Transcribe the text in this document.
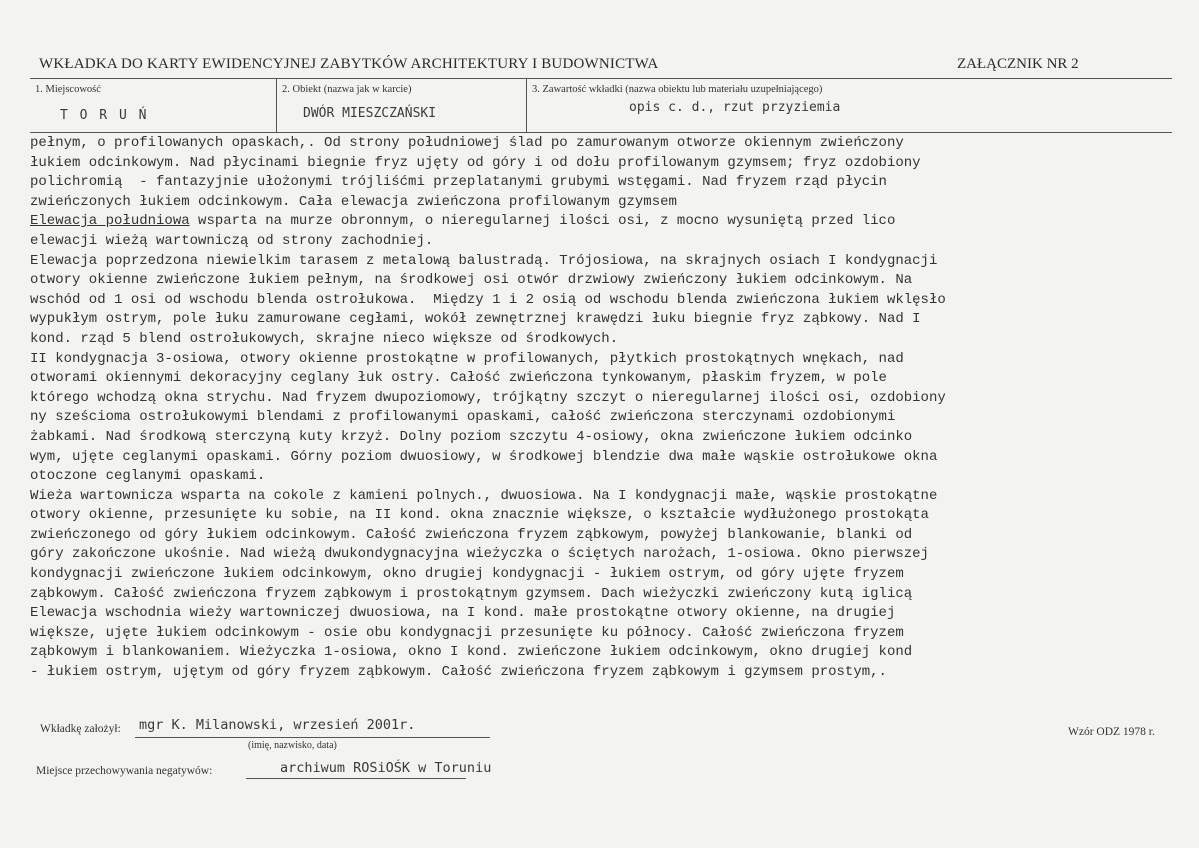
WKŁADKA DO KARTY EWIDENCYJNEJ ZABYTKÓW ARCHITEKTURY I BUDOWNICTWA	ZAŁĄCZNIK NR 2
1. Miejscowość
T O R U Ń
2. Obiekt (nazwa jak w karcie)
DWÓR MIESZCZAŃSKI
3. Zawartość wkładki (nazwa obiektu lub materiału uzupełniającego)
opis c. d., rzut przyziemia
pełnym, o profilowanych opaskach,. Od strony południowej ślad po zamurowanym otworze okiennym zwieńczony
łukiem odcinkowym. Nad płycinami biegnie fryz ujęty od góry i od dołu profilowanym gzymsem; fryz ozdobiony
polichromią  - fantazyjnie ułożonymi trójliśćmi przeplatanymi grubymi wstęgami. Nad fryzem rząd płycin
zwieńczonych łukiem odcinkowym. Cała elewacja zwieńczona profilowanym gzymsem
Elewacja południowa wsparta na murze obronnym, o nieregularnej ilości osi, z mocno wysuniętą przed lico
elewacji wieżą wartowniczą od strony zachodniej.
Elewacja poprzedzona niewielkim tarasem z metalową balustradą. Trójosiowa, na skrajnych osiach I kondygnacji
otwory okienne zwieńczone łukiem pełnym, na środkowej osi otwór drzwiowy zwieńczony łukiem odcinkowym. Na
wschód od 1 osi od wschodu blenda ostrołukowa.  Między 1 i 2 osią od wschodu blenda zwieńczona łukiem wklęsło
wypukłym ostrym, pole łuku zamurowane cegłami, wokół zewnętrznej krawędzi łuku biegnie fryz ząbkowy. Nad I
kond. rząd 5 blend ostrołukowych, skrajne nieco większe od środkowych.
II kondygnacja 3-osiowa, otwory okienne prostokątne w profilowanych, płytkich prostokątnych wnękach, nad
otworami okiennymi dekoracyjny ceglany łuk ostry. Całość zwieńczona tynkowanym, płaskim fryzem, w pole
którego wchodzą okna strychu. Nad fryzem dwupoziomowy, trójkątny szczyt o nieregularnej ilości osi, ozdobiony
ny sześcioma ostrołukowymi blendami z profilowanymi opaskami, całość zwieńczona sterczynami ozdobionymi
żabkami. Nad środkową sterczyną kuty krzyż. Dolny poziom szczytu 4-osiowy, okna zwieńczone łukiem odcinko
wym, ujęte ceglanymi opaskami. Górny poziom dwuosiowy, w środkowej blendzie dwa małe wąskie ostrołukowe okna
otoczone ceglanymi opaskami.
Wieża wartownicza wsparta na cokole z kamieni polnych., dwuosiowa. Na I kondygnacji małe, wąskie prostokątne
otwory okienne, przesunięte ku sobie, na II kond. okna znacznie większe, o kształcie wydłużonego prostokąta
zwieńczonego od góry łukiem odcinkowym. Całość zwieńczona fryzem ząbkowym, powyżej blankowanie, blanki od
góry zakończone ukośnie. Nad wieżą dwukondygnacyjna wieżyczka o ściętych narożach, 1-osiowa. Okno pierwszej
kondygnacji zwieńczone łukiem odcinkowym, okno drugiej kondygnacji - łukiem ostrym, od góry ujęte fryzem
ząbkowym. Całość zwieńczona fryzem ząbkowym i prostokątnym gzymsem. Dach wieżyczki zwieńczony kutą iglicą
Elewacja wschodnia wieży wartowniczej dwuosiowa, na I kond. małe prostokątne otwory okienne, na drugiej
większe, ujęte łukiem odcinkowym - osie obu kondygnacji przesunięte ku północy. Całość zwieńczona fryzem
ząbkowym i blankowaniem. Wieżyczka 1-osiowa, okno I kond. zwieńczone łukiem odcinkowym, okno drugiej kond
- łukiem ostrym, ujętym od góry fryzem ząbkowym. Całość zwieńczona fryzem ząbkowym i gzymsem prostym,.
Wkładkę założył: mgr K. Milanowski, wrzesień 2001r.
(imię, nazwisko, data)
Wzór ODZ 1978 r.
Miejsce przechowywania negatywów:	archiwum ROSiOŚK w Toruniu
